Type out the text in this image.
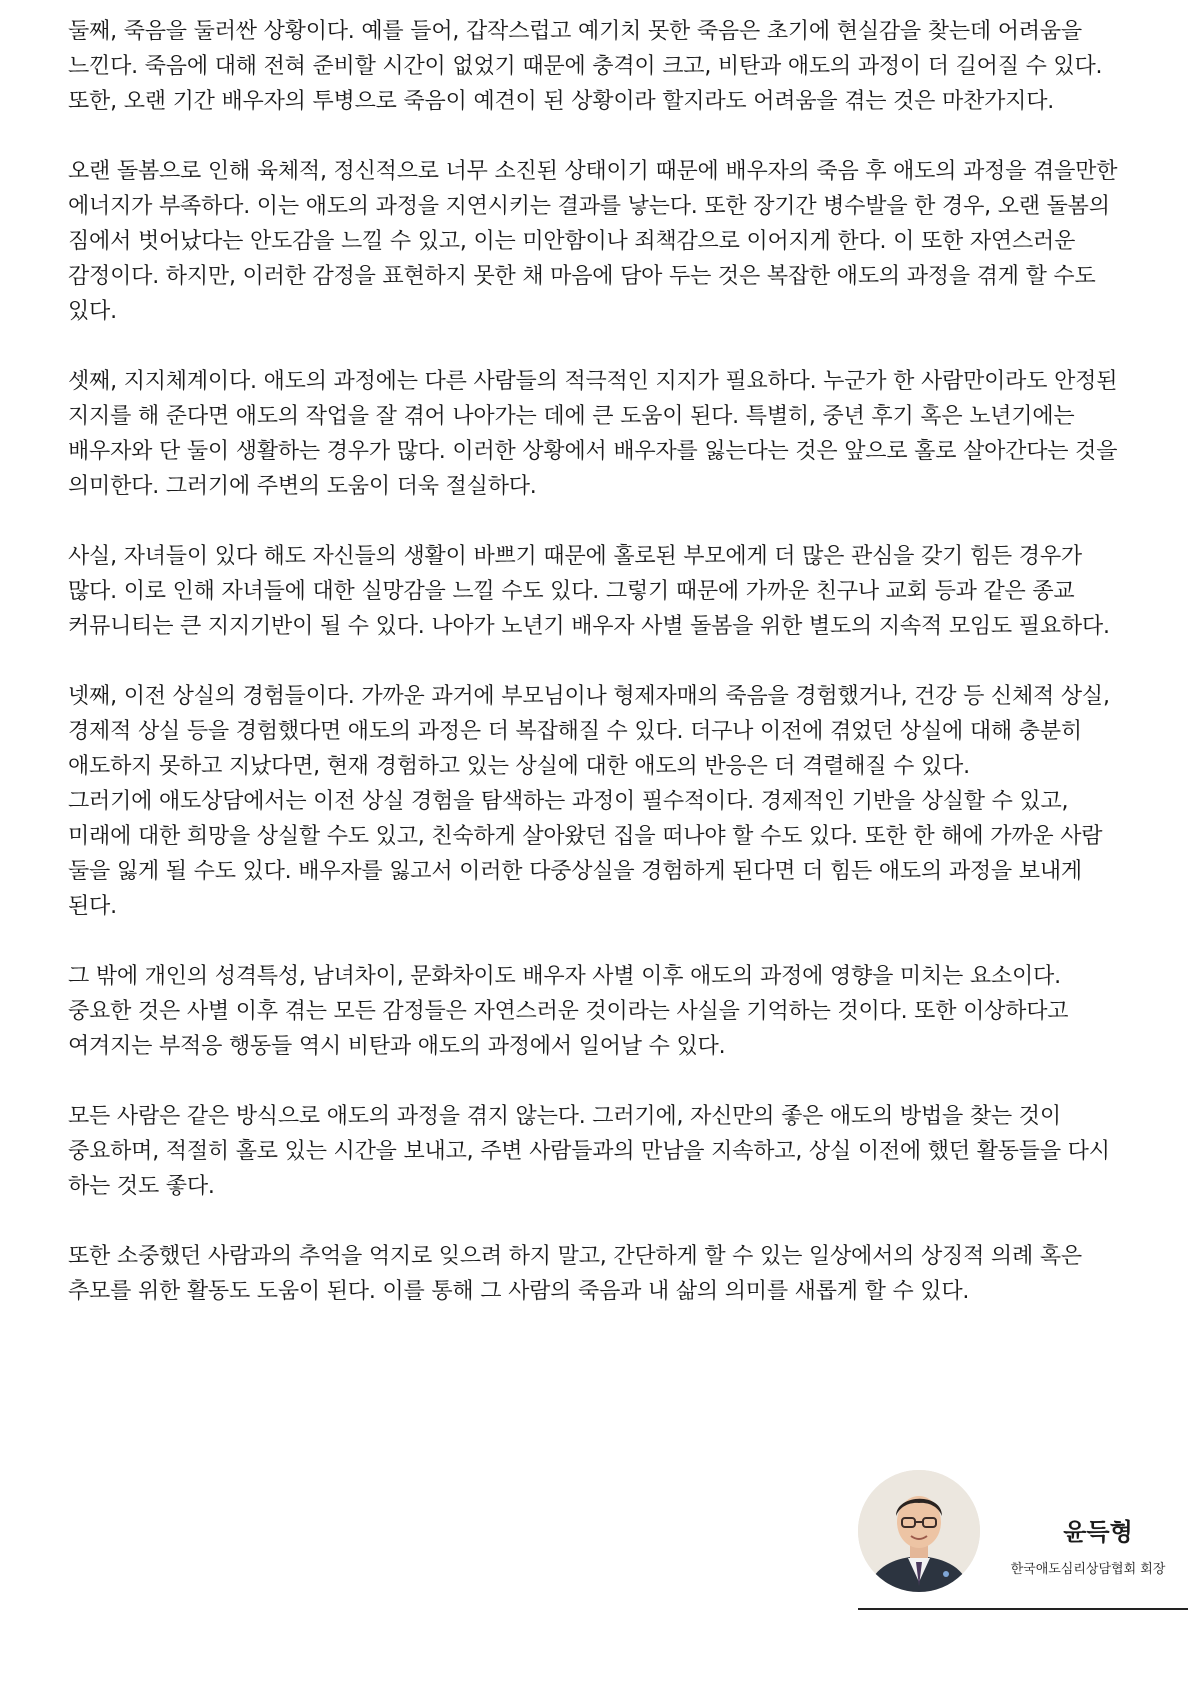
둘째, 죽음을 둘러싼 상황이다. 예를 들어, 갑작스럽고 예기치 못한 죽음은 초기에 현실감을 찾는데 어려움을 느낀다. 죽음에 대해 전혀 준비할 시간이 없었기 때문에 충격이 크고, 비탄과 애도의 과정이 더 길어질 수 있다. 또한, 오랜 기간 배우자의 투병으로 죽음이 예견이 된 상황이라 할지라도 어려움을 겪는 것은 마찬가지다.

오랜 돌봄으로 인해 육체적, 정신적으로 너무 소진된 상태이기 때문에 배우자의 죽음 후 애도의 과정을 겪을만한 에너지가 부족하다. 이는 애도의 과정을 지연시키는 결과를 낳는다. 또한 장기간 병수발을 한 경우, 오랜 돌봄의 짐에서 벗어났다는 안도감을 느낄 수 있고, 이는 미안함이나 죄책감으로 이어지게 한다. 이 또한 자연스러운 감정이다. 하지만, 이러한 감정을 표현하지 못한 채 마음에 담아 두는 것은 복잡한 애도의 과정을 겪게 할 수도 있다.

셋째, 지지체계이다. 애도의 과정에는 다른 사람들의 적극적인 지지가 필요하다. 누군가 한 사람만이라도 안정된 지지를 해 준다면 애도의 작업을 잘 겪어 나아가는 데에 큰 도움이 된다. 특별히, 중년 후기 혹은 노년기에는 배우자와 단 둘이 생활하는 경우가 많다. 이러한 상황에서 배우자를 잃는다는 것은 앞으로 홀로 살아간다는 것을 의미한다. 그러기에 주변의 도움이 더욱 절실하다.

사실, 자녀들이 있다 해도 자신들의 생활이 바쁘기 때문에 홀로된 부모에게 더 많은 관심을 갖기 힘든 경우가 많다. 이로 인해 자녀들에 대한 실망감을 느낄 수도 있다. 그렇기 때문에 가까운 친구나 교회 등과 같은 종교 커뮤니티는 큰 지지기반이 될 수 있다. 나아가 노년기 배우자 사별 돌봄을 위한 별도의 지속적 모임도 필요하다.

넷째, 이전 상실의 경험들이다. 가까운 과거에 부모님이나 형제자매의 죽음을 경험했거나, 건강 등 신체적 상실, 경제적 상실 등을 경험했다면 애도의 과정은 더 복잡해질 수 있다. 더구나 이전에 겪었던 상실에 대해 충분히 애도하지 못하고 지났다면, 현재 경험하고 있는 상실에 대한 애도의 반응은 더 격렬해질 수 있다.

그러기에 애도상담에서는 이전 상실 경험을 탐색하는 과정이 필수적이다. 경제적인 기반을 상실할 수 있고, 미래에 대한 희망을 상실할 수도 있고, 친숙하게 살아왔던 집을 떠나야 할 수도 있다. 또한 한 해에 가까운 사람 둘을 잃게 될 수도 있다. 배우자를 잃고서 이러한 다중상실을 경험하게 된다면 더 힘든 애도의 과정을 보내게 된다.

그 밖에 개인의 성격특성, 남녀차이, 문화차이도 배우자 사별 이후 애도의 과정에 영향을 미치는 요소이다. 중요한 것은 사별 이후 겪는 모든 감정들은 자연스러운 것이라는 사실을 기억하는 것이다. 또한 이상하다고 여겨지는 부적응 행동들 역시 비탄과 애도의 과정에서 일어날 수 있다.

모든 사람은 같은 방식으로 애도의 과정을 겪지 않는다. 그러기에, 자신만의 좋은 애도의 방법을 찾는 것이 중요하며, 적절히 홀로 있는 시간을 보내고, 주변 사람들과의 만남을 지속하고, 상실 이전에 했던 활동들을 다시 하는 것도 좋다.

또한 소중했던 사람과의 추억을 억지로 잊으려 하지 말고, 간단하게 할 수 있는 일상에서의 상징적 의례 혹은 추모를 위한 활동도 도움이 된다. 이를 통해 그 사람의 죽음과 내 삶의 의미를 새롭게 할 수 있다.

윤득형
한국애도심리상담협회 회장
